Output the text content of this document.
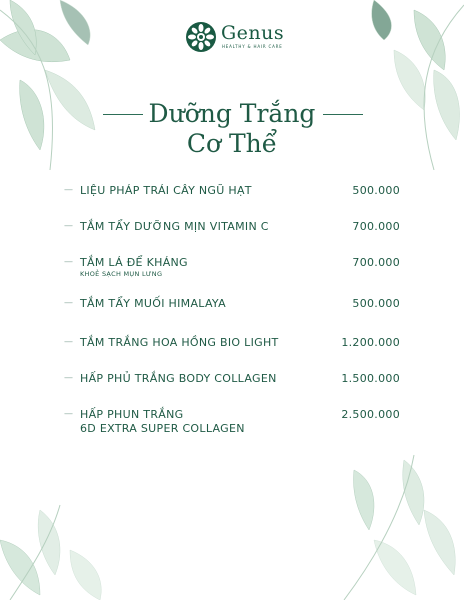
Genus
HEALTHY & HAIR CARE
Dưỡng Trắng
Cơ Thể
— LIỆU PHÁP TRÁI CÂY NGŨ HẠT	500.000
— TẮM TẨY DƯỠNG MỊN VITAMIN C	700.000
— TẮM LÁ ĐỂ KHÁNG
KHOẺ SẠCH MỤN LƯNG
700.000
— TẮM TẨY MUỐI HIMALAYA	500.000
— TẮM TRẮNG HOA HỒNG BIO LIGHT	1.200.000
— HẤP PHỦ TRẮNG BODY COLLAGEN	1.500.000
— HẤP PHUN TRẮNG
6D EXTRA SUPER COLLAGEN
2.500.000
